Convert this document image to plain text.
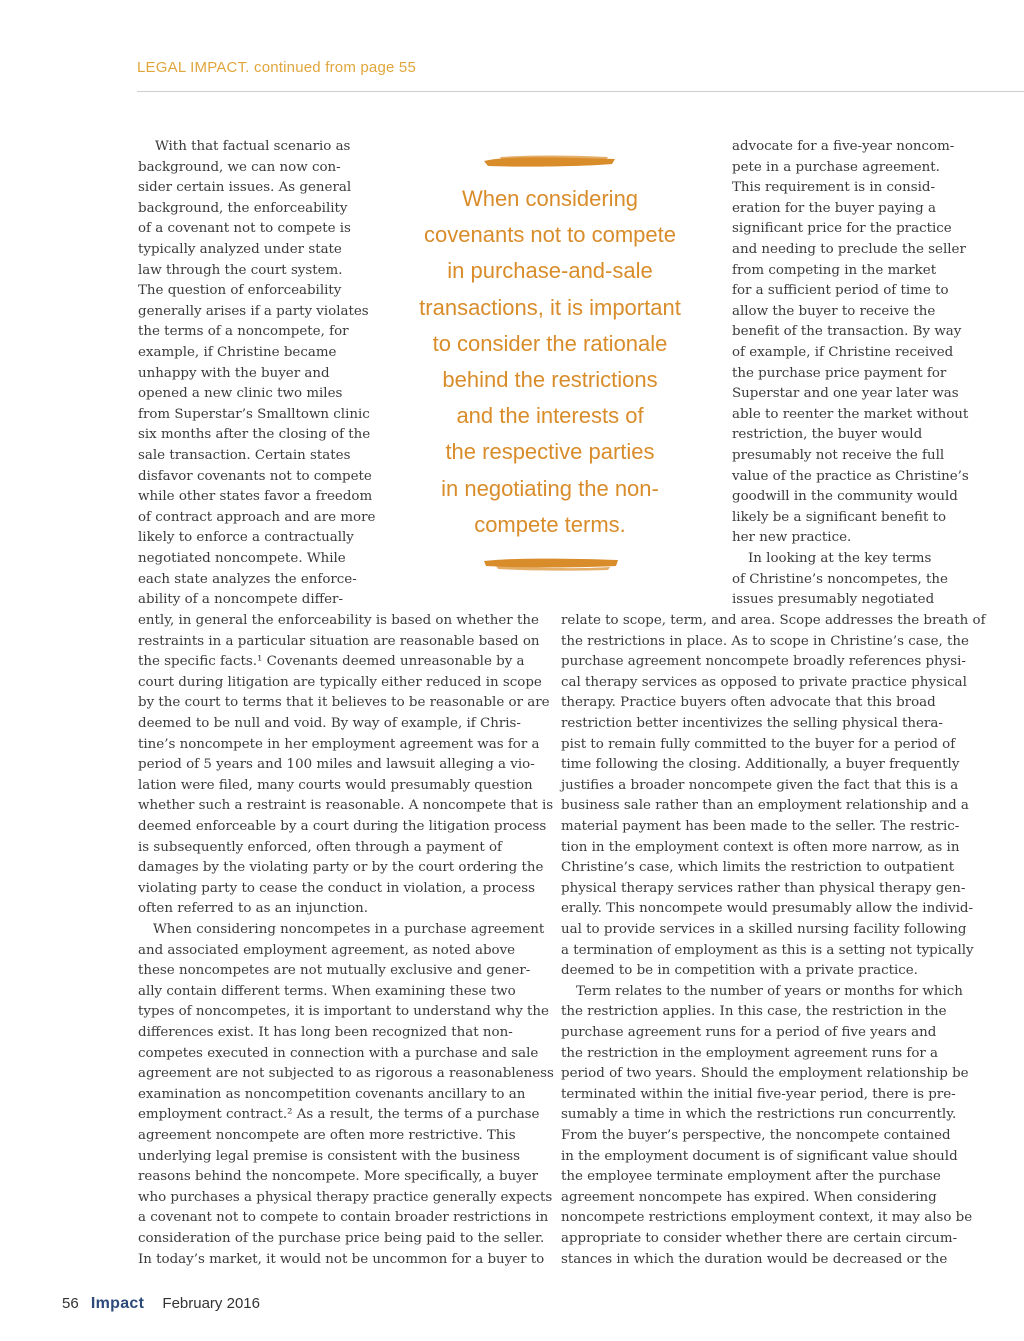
LEGAL IMPACT. continued from page 55
With that factual scenario as
background, we can now con-
sider certain issues. As general
background, the enforceability
of a covenant not to compete is
typically analyzed under state
law through the court system.
The question of enforceability
generally arises if a party violates
the terms of a noncompete, for
example, if Christine became
unhappy with the buyer and
opened a new clinic two miles
from Superstar’s Smalltown clinic
six months after the closing of the
sale transaction. Certain states
disfavor covenants not to compete
while other states favor a freedom
of contract approach and are more
likely to enforce a contractually
negotiated noncompete. While
each state analyzes the enforce-
ability of a noncompete differ-
advocate for a five-year noncom-
pete in a purchase agreement.
This requirement is in consid-
eration for the buyer paying a
significant price for the practice
and needing to preclude the seller
from competing in the market
for a sufficient period of time to
allow the buyer to receive the
benefit of the transaction. By way
of example, if Christine received
the purchase price payment for
Superstar and one year later was
able to reenter the market without
restriction, the buyer would
presumably not receive the full
value of the practice as Christine’s
goodwill in the community would
likely be a significant benefit to
her new practice.
In looking at the key terms
of Christine’s noncompetes, the
issues presumably negotiated
ently, in general the enforceability is based on whether the
restraints in a particular situation are reasonable based on
the specific facts.¹ Covenants deemed unreasonable by a
court during litigation are typically either reduced in scope
by the court to terms that it believes to be reasonable or are
deemed to be null and void. By way of example, if Chris-
tine’s noncompete in her employment agreement was for a
period of 5 years and 100 miles and lawsuit alleging a vio-
lation were filed, many courts would presumably question
whether such a restraint is reasonable. A noncompete that is
deemed enforceable by a court during the litigation process
is subsequently enforced, often through a payment of
damages by the violating party or by the court ordering the
violating party to cease the conduct in violation, a process
often referred to as an injunction.
When considering noncompetes in a purchase agreement
and associated employment agreement, as noted above
these noncompetes are not mutually exclusive and gener-
ally contain different terms. When examining these two
types of noncompetes, it is important to understand why the
differences exist. It has long been recognized that non-
competes executed in connection with a purchase and sale
agreement are not subjected to as rigorous a reasonableness
examination as noncompetition covenants ancillary to an
employment contract.² As a result, the terms of a purchase
agreement noncompete are often more restrictive. This
underlying legal premise is consistent with the business
reasons behind the noncompete. More specifically, a buyer
who purchases a physical therapy practice generally expects
a covenant not to compete to contain broader restrictions in
consideration of the purchase price being paid to the seller.
In today’s market, it would not be uncommon for a buyer to
relate to scope, term, and area. Scope addresses the breath of
the restrictions in place. As to scope in Christine’s case, the
purchase agreement noncompete broadly references physi-
cal therapy services as opposed to private practice physical
therapy. Practice buyers often advocate that this broad
restriction better incentivizes the selling physical thera-
pist to remain fully committed to the buyer for a period of
time following the closing. Additionally, a buyer frequently
justifies a broader noncompete given the fact that this is a
business sale rather than an employment relationship and a
material payment has been made to the seller. The restric-
tion in the employment context is often more narrow, as in
Christine’s case, which limits the restriction to outpatient
physical therapy services rather than physical therapy gen-
erally. This noncompete would presumably allow the individ-
ual to provide services in a skilled nursing facility following
a termination of employment as this is a setting not typically
deemed to be in competition with a private practice.
Term relates to the number of years or months for which
the restriction applies. In this case, the restriction in the
purchase agreement runs for a period of five years and
the restriction in the employment agreement runs for a
period of two years. Should the employment relationship be
terminated within the initial five-year period, there is pre-
sumably a time in which the restrictions run concurrently.
From the buyer’s perspective, the noncompete contained
in the employment document is of significant value should
the employee terminate employment after the purchase
agreement noncompete has expired. When considering
noncompete restrictions employment context, it may also be
appropriate to consider whether there are certain circum-
stances in which the duration would be decreased or the
When considering
covenants not to compete
in purchase-and-sale
transactions, it is important
to consider the rationale
behind the restrictions
and the interests of
the respective parties
in negotiating the non-
compete terms.
56 Impact February 2016
